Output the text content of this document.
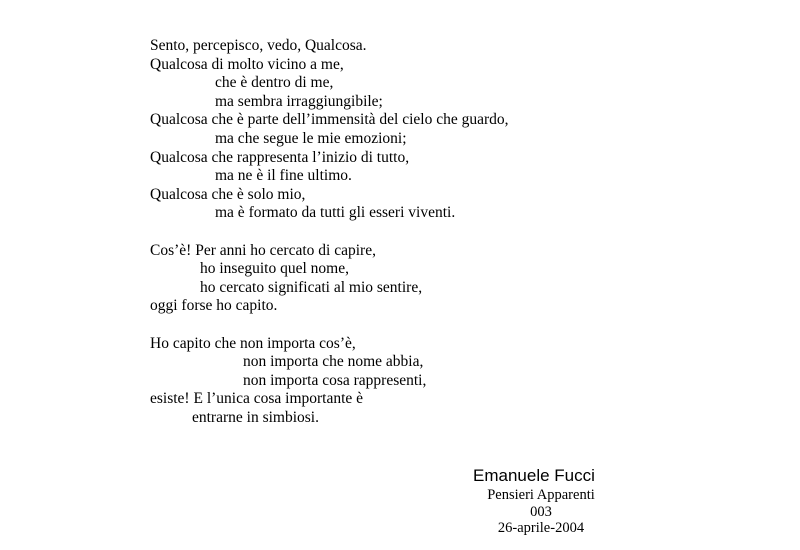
Sento, percepisco, vedo, Qualcosa.
Qualcosa di molto vicino a me,
che è dentro di me,
ma sembra irraggiungibile;
Qualcosa che è parte dell’immensità del cielo che guardo,
ma che segue le mie emozioni;
Qualcosa che rappresenta l’inizio di tutto,
ma ne è il fine ultimo.
Qualcosa che è solo mio,
ma è formato da tutti gli esseri viventi.
Cos’è! Per anni ho cercato di capire,
ho inseguito quel nome,
ho cercato significati al mio sentire,
oggi forse ho capito.
Ho capito che non importa cos’è,
non importa che nome abbia,
non importa cosa rappresenti,
esiste! E l’unica cosa importante è
entrarne in simbiosi.
Emanuele Fucci
Pensieri Apparenti
003
26-aprile-2004
